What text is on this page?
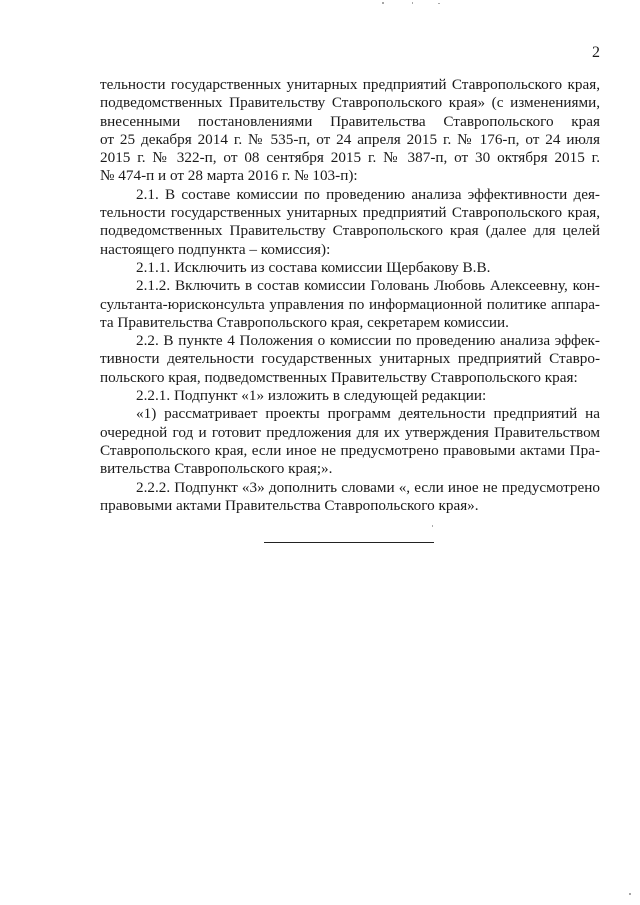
2
тельности государственных унитарных предприятий Ставропольского края,
подведомственных Правительству Ставропольского края» (с изменениями,
внесенными постановлениями Правительства Ставропольского края
от 25 декабря 2014 г. № 535-п, от 24 апреля 2015 г. № 176-п, от 24 июля
2015 г. № 322-п, от 08 сентября 2015 г. № 387-п, от 30 октября 2015 г.
№ 474-п и от 28 марта 2016 г. № 103-п):
2.1. В составе комиссии по проведению анализа эффективности дея-
тельности государственных унитарных предприятий Ставропольского края,
подведомственных Правительству Ставропольского края (далее для целей
настоящего подпункта – комиссия):
2.1.1. Исключить из состава комиссии Щербакову В.В.
2.1.2. Включить в состав комиссии Головань Любовь Алексеевну, кон-
сультанта-юрисконсульта управления по информационной политике аппара-
та Правительства Ставропольского края, секретарем комиссии.
2.2. В пункте 4 Положения о комиссии по проведению анализа эффек-
тивности деятельности государственных унитарных предприятий Ставро-
польского края, подведомственных Правительству Ставропольского края:
2.2.1. Подпункт «1» изложить в следующей редакции:
«1) рассматривает проекты программ деятельности предприятий на
очередной год и готовит предложения для их утверждения Правительством
Ставропольского края, если иное не предусмотрено правовыми актами Пра-
вительства Ставропольского края;».
2.2.2. Подпункт «3» дополнить словами «, если иное не предусмотрено
правовыми актами Правительства Ставропольского края».
